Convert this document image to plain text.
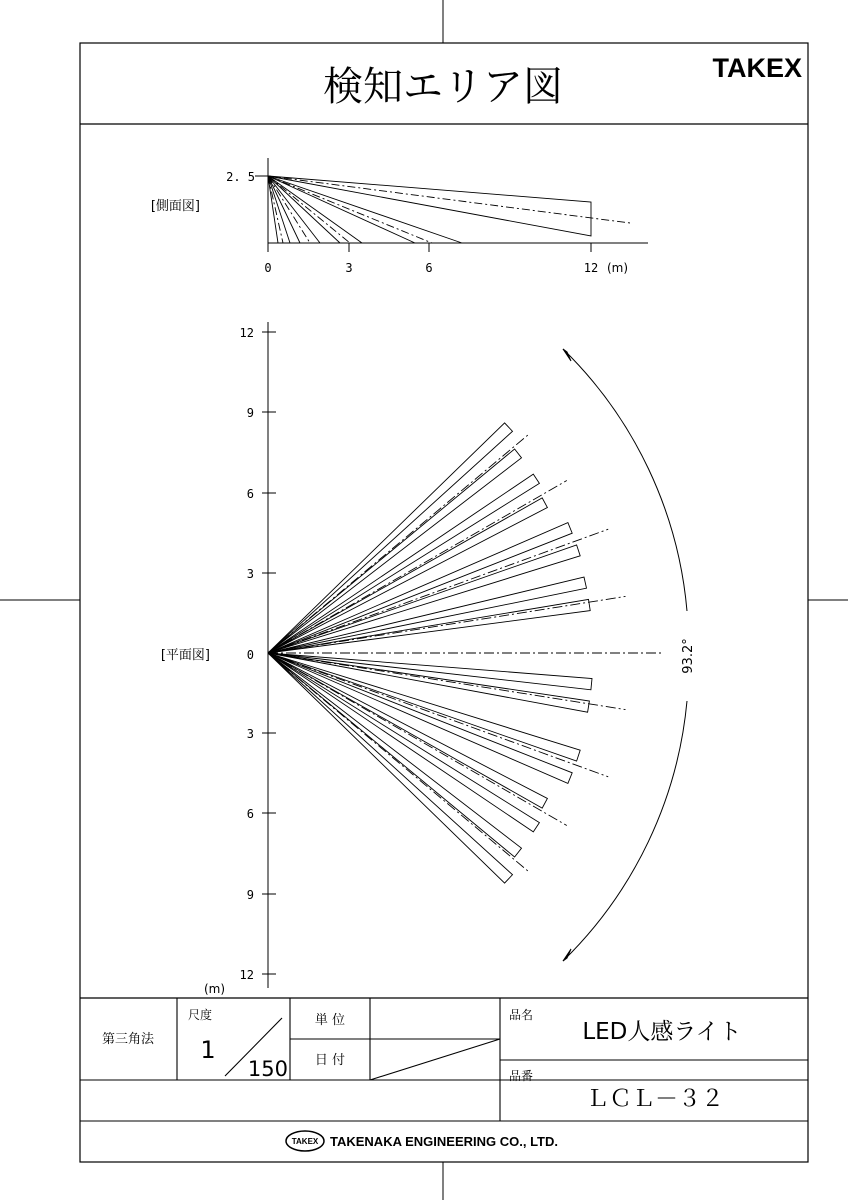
検知エリア図	TAKEX
[側面図]
2. 5
0	3	6	12 (m)
[平面図]
12
9
6
3
0
3
6
9
12
(m)
93.2°
第三角法
尺度
1
150
単 位
日 付
品名
LED人感ライト
品番
ＬＣＬ－３２
TAKEX TAKENAKA ENGINEERING CO., LTD.
